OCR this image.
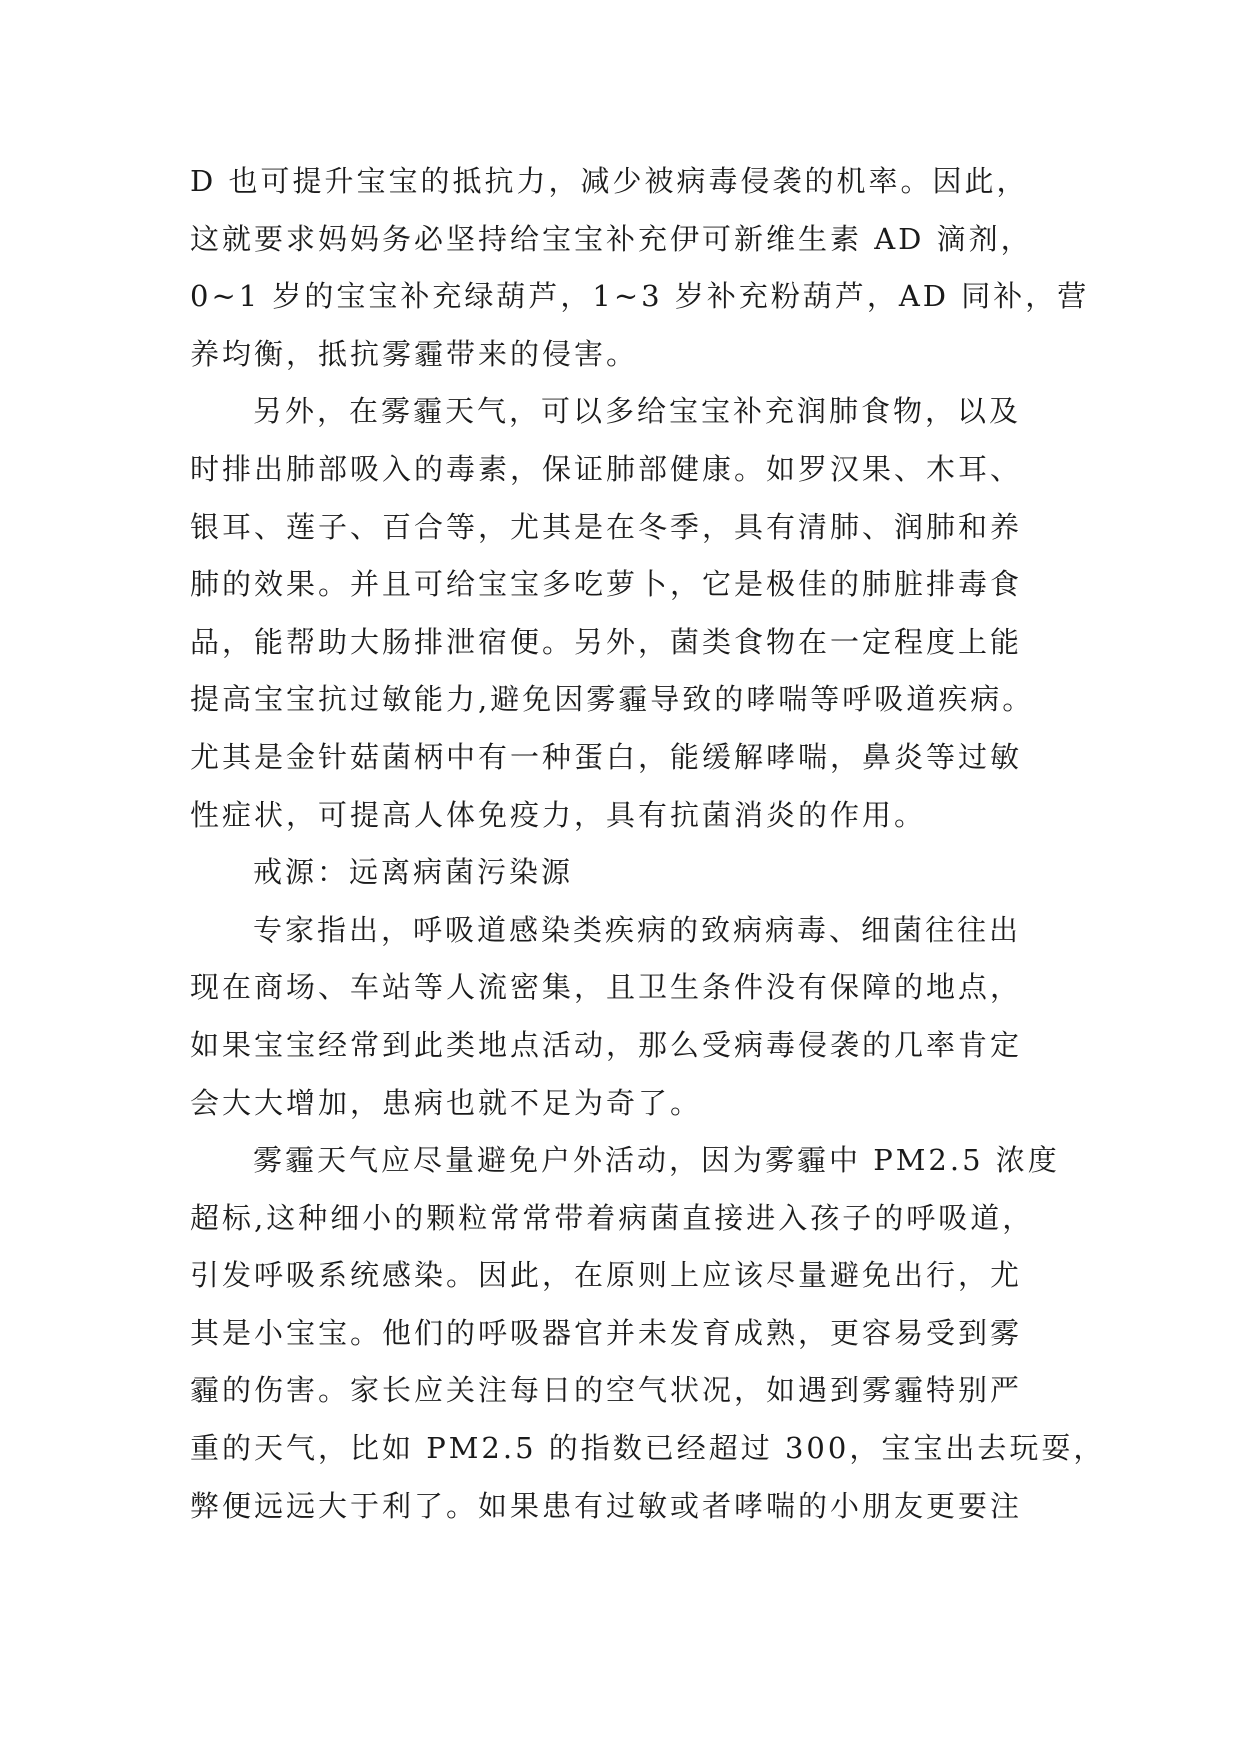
D 也可提升宝宝的抵抗力，减少被病毒侵袭的机率。因此，
这就要求妈妈务必坚持给宝宝补充伊可新维生素 AD 滴剂，
0~1 岁的宝宝补充绿葫芦，1~3 岁补充粉葫芦，AD 同补，营
养均衡，抵抗雾霾带来的侵害。
另外，在雾霾天气，可以多给宝宝补充润肺食物，以及
时排出肺部吸入的毒素，保证肺部健康。如罗汉果、木耳、
银耳、莲子、百合等，尤其是在冬季，具有清肺、润肺和养
肺的效果。并且可给宝宝多吃萝卜，它是极佳的肺脏排毒食
品，能帮助大肠排泄宿便。另外，菌类食物在一定程度上能
提高宝宝抗过敏能力,避免因雾霾导致的哮喘等呼吸道疾病。
尤其是金针菇菌柄中有一种蛋白，能缓解哮喘，鼻炎等过敏
性症状，可提高人体免疫力，具有抗菌消炎的作用。
戒源：远离病菌污染源
专家指出，呼吸道感染类疾病的致病病毒、细菌往往出
现在商场、车站等人流密集，且卫生条件没有保障的地点，
如果宝宝经常到此类地点活动，那么受病毒侵袭的几率肯定
会大大增加，患病也就不足为奇了。
雾霾天气应尽量避免户外活动，因为雾霾中 PM2.5 浓度
超标,这种细小的颗粒常常带着病菌直接进入孩子的呼吸道，
引发呼吸系统感染。因此，在原则上应该尽量避免出行，尤
其是小宝宝。他们的呼吸器官并未发育成熟，更容易受到雾
霾的伤害。家长应关注每日的空气状况，如遇到雾霾特别严
重的天气，比如 PM2.5 的指数已经超过 300，宝宝出去玩耍，
弊便远远大于利了。如果患有过敏或者哮喘的小朋友更要注
